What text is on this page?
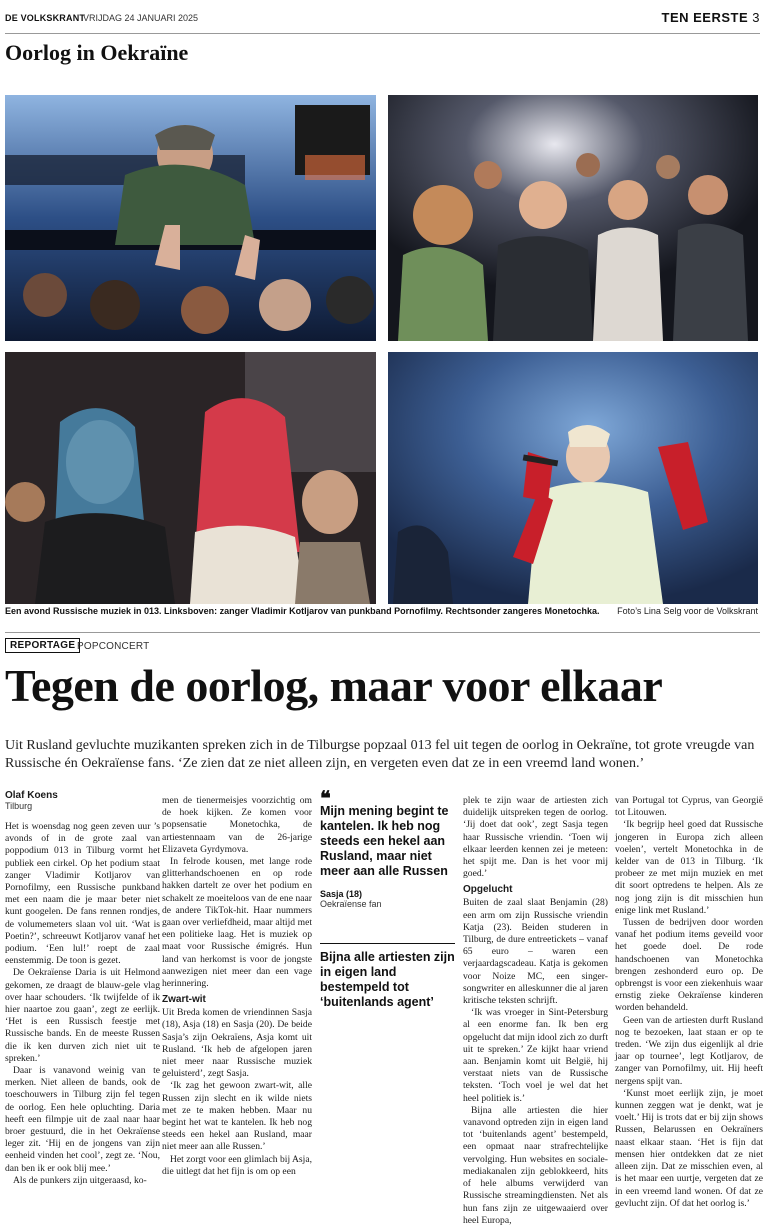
DE VOLKSKRANT
VRIJDAG 24 JANUARI 2025	TEN EERSTE 3
Oorlog in Oekraïne
Een avond Russische muziek in 013. Linksboven: zanger Vladimir Kotljarov van punkband Pornofilmy. Rechtsonder zangeres Monetochka.	Foto’s Lina Selg voor de Volkskrant
REPORTAGE POPCONCERT
Tegen de oorlog, maar voor elkaar
Uit Rusland gevluchte muzikanten spreken zich in de Tilburgse popzaal 013 fel uit tegen de oorlog in Oekraïne, tot grote vreugde van Russische én Oekraïense fans. ‘Ze zien dat ze niet alleen zijn, en vergeten even dat ze in een vreemd land wonen.’
Olaf Koens
Tilburg

Het is woensdag nog geen zeven uur ’s avonds of in de grote zaal van poppodium 013 in Tilburg vormt het publiek een cirkel. Op het podium staat zanger Vladimir Kotljarov van Pornofilmy, een Russische punkband met een naam die je maar beter niet kunt googelen. De fans rennen rondjes, de volumemeters slaan vol uit. ‘Wat is Poetin?’, schreeuwt Kotljarov vanaf het podium. ‘Een lul!’ roept de zaal eenstemmig. De toon is gezet.

De Oekraïense Daria is uit Helmond gekomen, ze draagt de blauw-gele vlag over haar schouders. ‘Ik twijfelde of ik hier naartoe zou gaan’, zegt ze eerlijk. ‘Het is een Russisch feestje met Russische bands. En de meeste Russen die ik ken durven zich niet uit te spreken.’

Daar is vanavond weinig van te merken. Niet alleen de bands, ook de toeschouwers in Tilburg zijn fel tegen de oorlog. Een hele opluchting. Daria heeft een filmpje uit de zaal naar haar broer gestuurd, die in het Oekraïense leger zit. ‘Hij en de jongens van zijn eenheid vinden het cool’, zegt ze. ‘Nou, dan ben ik er ook blij mee.’

Als de punkers zijn uitgeraasd, ko-

men de tienermeisjes voorzichtig om de hoek kijken. Ze komen voor popsensatie Monetochka, de artiestennaam van de 26-jarige Elizaveta Gyrdymova.

In felrode kousen, met lange rode glitterhandschoenen en op rode hakken dartelt ze over het podium en schakelt ze moeiteloos van de ene naar de andere TikTok-hit. Haar nummers gaan over verliefdheid, maar altijd met een politieke laag. Het is muziek op maat voor Russische émigrés. Hun land van herkomst is voor de jongste aanwezigen niet meer dan een vage herinnering.

Zwart-wit

Uit Breda komen de vriendinnen Sasja (18), Asja (18) en Sasja (20). De beide Sasja’s zijn Oekraïens, Asja komt uit Rusland. ‘Ik heb de afgelopen jaren niet meer naar Russische muziek geluisterd’, zegt Sasja.

‘Ik zag het gewoon zwart-wit, alle Russen zijn slecht en ik wilde niets met ze te maken hebben. Maar nu begint het wat te kantelen. Ik heb nog steeds een hekel aan Rusland, maar niet meer aan alle Russen.’

Het zorgt voor een glimlach bij Asja, die uitlegt dat het fijn is om op een

❝
Mijn mening begint te kantelen. Ik heb nog steeds een hekel aan Rusland, maar niet meer aan alle Russen
Sasja (18)
Oekraïense fan
Bijna alle artiesten zijn in eigen land bestempeld tot ‘buitenlands agent’

plek te zijn waar de artiesten zich duidelijk uitspreken tegen de oorlog. ‘Jij doet dat ook’, zegt Sasja tegen haar Russische vriendin. ‘Toen wij elkaar leerden kennen zei je meteen: het spijt me. Dan is het voor mij goed.’

Opgelucht

Buiten de zaal slaat Benjamin (28) een arm om zijn Russische vriendin Katja (23). Beiden studeren in Tilburg, de dure entreetickets – vanaf 65 euro – waren een verjaardagscadeau. Katja is gekomen voor Noize MC, een singer-songwriter en alleskunner die al jaren kritische teksten schrijft.

‘Ik was vroeger in Sint-Petersburg al een enorme fan. Ik ben erg opgelucht dat mijn idool zich zo durft uit te spreken.’ Ze kijkt haar vriend aan. Benjamin komt uit België, hij verstaat niets van de Russische teksten. ‘Toch voel je wel dat het heel politiek is.’

Bijna alle artiesten die hier vanavond optreden zijn in eigen land tot ‘buitenlands agent’ bestempeld, een opmaat naar strafrechtelijke vervolging. Hun websites en sociale-mediakanalen zijn geblokkeerd, hits of hele albums verwijderd van Russische streamingdiensten. Net als hun fans zijn ze uitgewaaierd over heel Europa,

van Portugal tot Cyprus, van Georgië tot Litouwen.

‘Ik begrijp heel goed dat Russische jongeren in Europa zich alleen voelen’, vertelt Monetochka in de kelder van de 013 in Tilburg. ‘Ik probeer ze met mijn muziek en met dit soort optredens te helpen. Als ze nog jong zijn is dit misschien hun enige link met Rusland.’

Tussen de bedrijven door worden vanaf het podium items geveild voor het goede doel. De rode handschoenen van Monetochka brengen zeshonderd euro op. De opbrengst is voor een ziekenhuis waar ernstig zieke Oekraïense kinderen worden behandeld.

Geen van de artiesten durft Rusland nog te bezoeken, laat staan er op te treden. ‘We zijn dus eigenlijk al drie jaar op tournee’, legt Kotljarov, de zanger van Pornofilmy, uit. Hij heeft nergens spijt van.

‘Kunst moet eerlijk zijn, je moet kunnen zeggen wat je denkt, wat je voelt.’ Hij is trots dat er bij zijn shows Russen, Belarussen en Oekraïners naast elkaar staan. ‘Het is fijn dat mensen hier ontdekken dat ze niet alleen zijn. Dat ze misschien even, al is het maar een uurtje, vergeten dat ze in een vreemd land wonen. Of dat ze gevlucht zijn. Of dat het oorlog is.’
